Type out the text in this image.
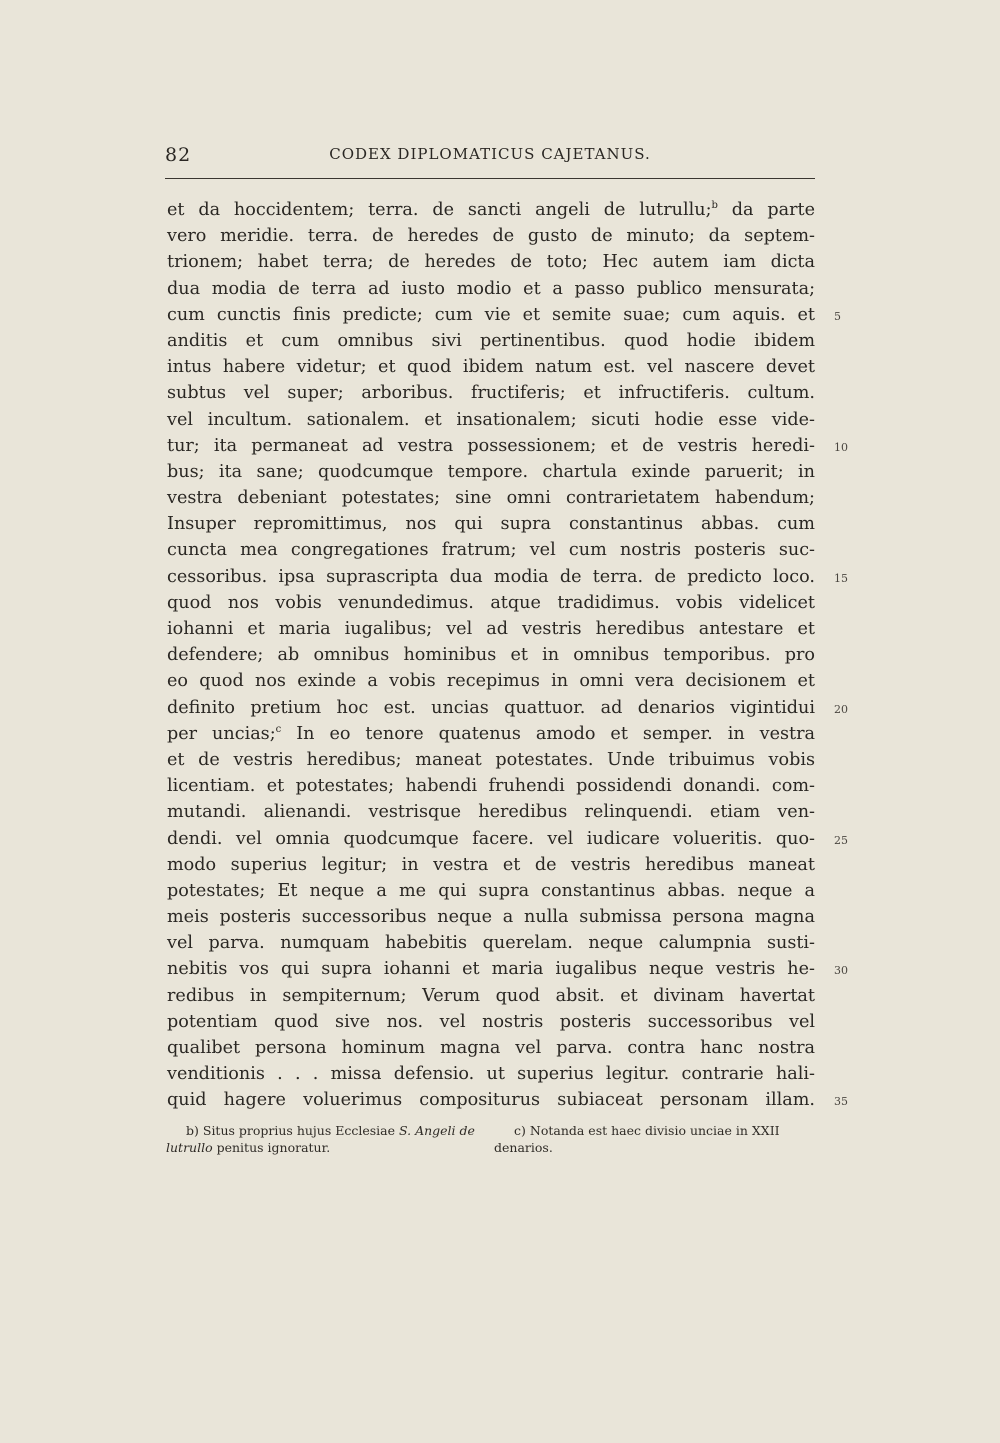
82	CODEX DIPLOMATICUS CAJETANUS.
et da hoccidentem; terra. de sancti angeli de lutrullu;$^b$ da parte
vero meridie. terra. de heredes de gusto de minuto; da septem-
trionem; habet terra; de heredes de toto; Hec autem iam dicta
dua modia de terra ad iusto modio et a passo publico mensurata;
cum cunctis finis predicte; cum vie et semite suae; cum aquis. et 5
anditis et cum omnibus sivi pertinentibus. quod hodie ibidem
intus habere videtur; et quod ibidem natum est. vel nascere devet
subtus vel super; arboribus. fructiferis; et infructiferis. cultum.
vel incultum. sationalem. et insationalem; sicuti hodie esse vide-
tur; ita permaneat ad vestra possessionem; et de vestris heredi- 10
bus; ita sane; quodcumque tempore. chartula exinde paruerit; in
vestra debeniant potestates; sine omni contrarietatem habendum;
Insuper repromittimus, nos qui supra constantinus abbas. cum
cuncta mea congregationes fratrum; vel cum nostris posteris suc-
cessoribus. ipsa suprascripta dua modia de terra. de predicto loco. 15
quod nos vobis venundedimus. atque tradidimus. vobis videlicet
iohanni et maria iugalibus; vel ad vestris heredibus antestare et
defendere; ab omnibus hominibus et in omnibus temporibus. pro
eo quod nos exinde a vobis recepimus in omni vera decisionem et
definito pretium hoc est. uncias quattuor. ad denarios vigintidui 20
per uncias;$^c$ In eo tenore quatenus amodo et semper. in vestra
et de vestris heredibus; maneat potestates. Unde tribuimus vobis
licentiam. et potestates; habendi fruhendi possidendi donandi. com-
mutandi. alienandi. vestrisque heredibus relinquendi. etiam ven-
dendi. vel omnia quodcumque facere. vel iudicare volueritis. quo- 25
modo superius legitur; in vestra et de vestris heredibus maneat
potestates; Et neque a me qui supra constantinus abbas. neque a
meis posteris successoribus neque a nulla submissa persona magna
vel parva. numquam habebitis querelam. neque calumpnia susti-
nebitis vos qui supra iohanni et maria iugalibus neque vestris he- 30
redibus in sempiternum; Verum quod absit. et divinam havertat
potentiam quod sive nos. vel nostris posteris successoribus vel
qualibet persona hominum magna vel parva. contra hanc nostra
venditionis . . . missa defensio. ut superius legitur. contrarie hali-
quid hagere voluerimus compositurus subiaceat personam illam. 35
b) Situs proprius hujus Ecclesiae S. Angeli de
lutrullo penitus ignoratur.
c) Notanda est haec divisio unciae in XXII
denarios.
